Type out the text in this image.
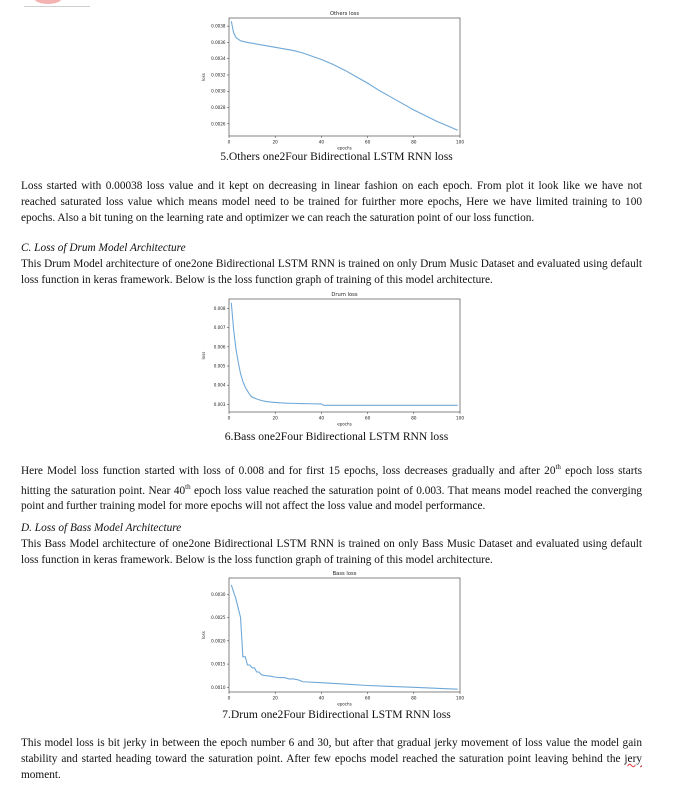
Others loss
0	20	40	60	80	100
0.0026
0.0028
0.0030
0.0032
0.0034
0.0036
0.0038
epochs
loss
5.Others one2Four Bidirectional LSTM RNN loss
Loss started with 0.00038 loss value and it kept on decreasing in linear fashion on each epoch. From plot it look like we have not reached saturated loss value which means model need to be trained for fuirther more epochs, Here we have limited training to 100 epochs. Also a bit tuning on the learning rate and optimizer we can reach the saturation point of our loss function.
C. Loss of Drum Model Architecture
This Drum Model architecture of one2one Bidirectional LSTM RNN is trained on only Drum Music Dataset and evaluated using default loss function in keras framework. Below is the loss function graph of training of this model architecture.
Drum loss
0	20	40	60	80	100
0.003
0.004
0.005
0.006
0.007
0.008
epochs
loss
6.Bass one2Four Bidirectional LSTM RNN loss
Here Model loss function started with loss of 0.008 and for first 15 epochs, loss decreases gradually and after 20th epoch loss starts hitting the saturation point. Near 40th epoch loss value reached the saturation point of 0.003. That means model reached the converging point and further training model for more epochs will not affect the loss value and model performance.
D. Loss of Bass Model Architecture
This Bass Model architecture of one2one Bidirectional LSTM RNN is trained on only Bass Music Dataset and evaluated using default loss function in keras framework. Below is the loss function graph of training of this model architecture.
Bass loss
0	20	40	60	80	100
0.0010
0.0015
0.0020
0.0025
0.0030
epochs
loss
7.Drum one2Four Bidirectional LSTM RNN loss
This model loss is bit jerky in between the epoch number 6 and 30, but after that gradual jerky movement of loss value the model gain stability and started heading toward the saturation point. After few epochs model reached the saturation point leaving behind the jery moment.
